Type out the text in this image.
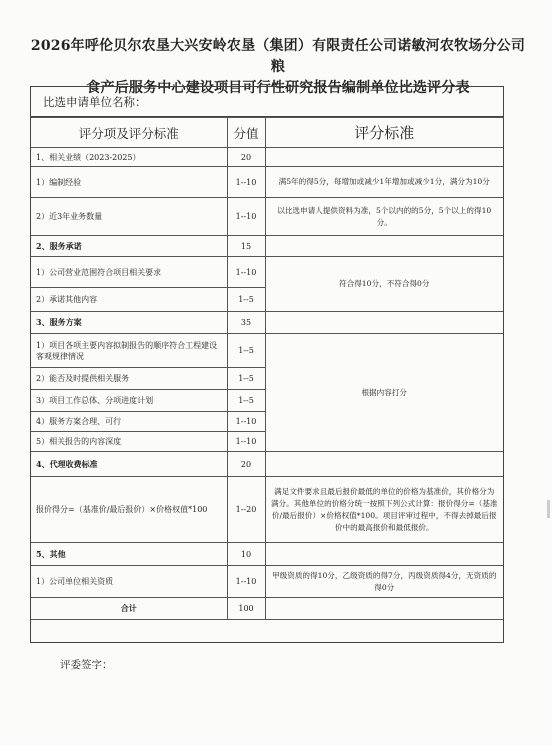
2026年呼伦贝尔农垦大兴安岭农垦（集团）有限责任公司诺敏河农牧场分公司粮
食产后服务中心建设项目可行性研究报告编制单位比选评分表
比选申请单位名称：
评分项及评分标准	分值	评分标准
1、相关业绩（2023-2025）	20	
1）编制经验	1--10	满5年的得5分，每增加或减少1年增加或减少1分，满分为10分
2）近3年业务数量	1--10	以比选申请人提供资料为准，5个以内的的5分，5个以上的得10分。
2、服务承诺	15	
1）公司营业范围符合项目相关要求	1--10	符合得10分，不符合得0分
2）承诺其他内容	1--5	
3、服务方案	35	
1）项目各项主要内容拟制报告的顺序符合工程建设客观规律情况	1--5	根据内容打分
2）能否及时提供相关服务	1--5	
3）项目工作总体、分项进度计划	1--5	
4）服务方案合理、可行	1--10	
5）相关报告的内容深度	1--10	
4、代理收费标准	20	
报价得分=（基准价/最后报价）×价格权值*100	1--20	满足文件要求且最后报价最低的单位的价格为基准价，其价格分为满分。其他单位的价格分统一按照下列公式计算：报价得分=（基准价/最后报价）×价格权值*100。项目评审过程中，不得去掉最后报价中的最高报价和最低报价。
5、其他	10	
1）公司单位相关资质	1--10	甲级资质的得10分，乙级资质的得7分，丙级资质得4分，无资质的得0分
合计	100	
评委签字：
